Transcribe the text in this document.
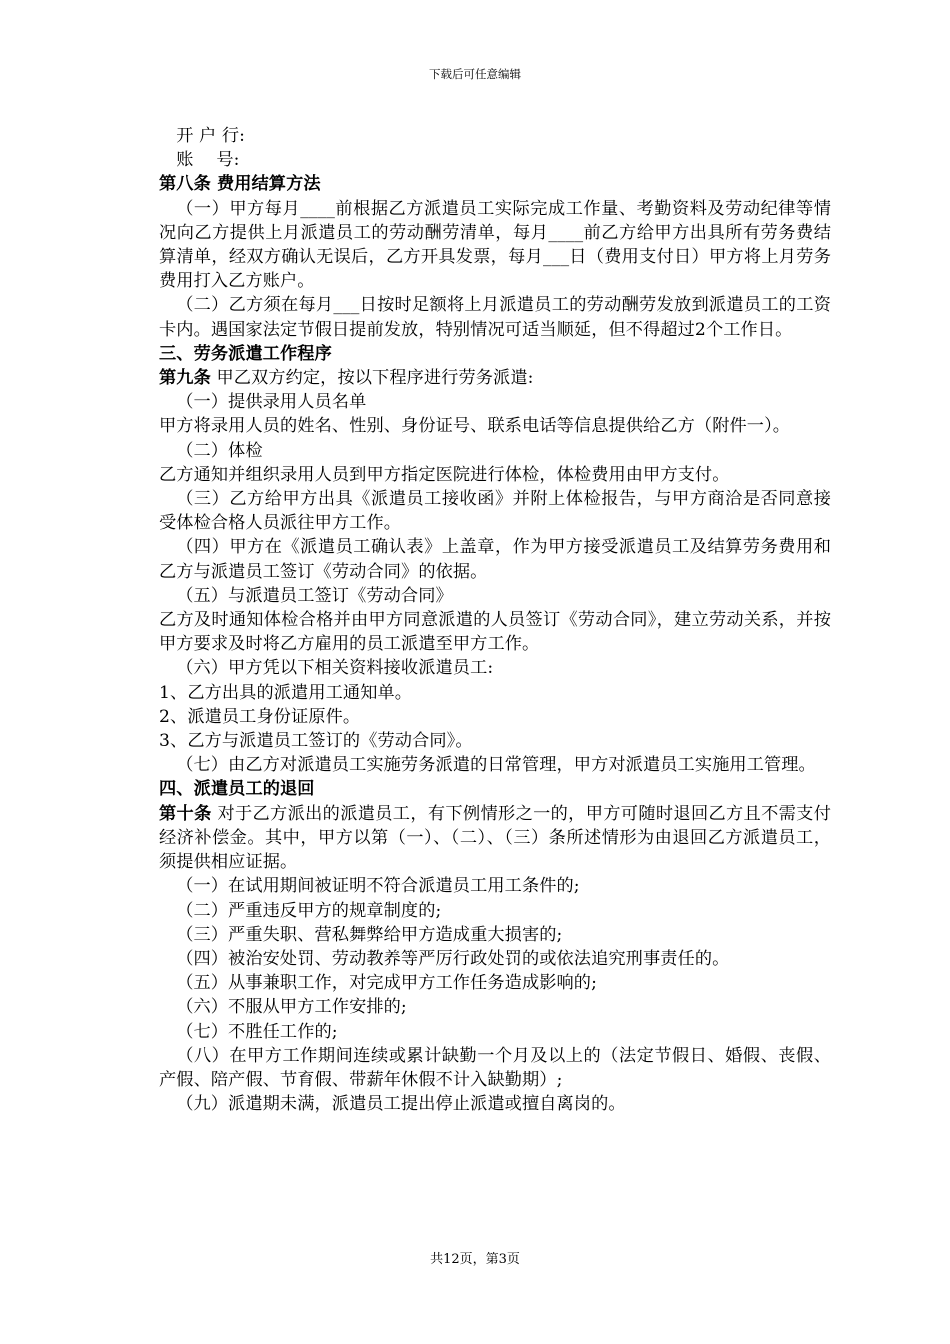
下载后可任意编辑

开 户 行:

账　 号:

第八条 费用结算方法

（一）甲方每月____前根据乙方派遣员工实际完成工作量、考勤资料及劳动纪律等情况向乙方提供上月派遣员工的劳动酬劳清单，每月____前乙方给甲方出具所有劳务费结算清单，经双方确认无误后，乙方开具发票，每月___日（费用支付日）甲方将上月劳务费用打入乙方账户。

（二）乙方须在每月___日按时足额将上月派遣员工的劳动酬劳发放到派遣员工的工资卡内。遇国家法定节假日提前发放，特别情况可适当顺延，但不得超过2个工作日。

三、劳务派遣工作程序

第九条 甲乙双方约定，按以下程序进行劳务派遣:

（一）提供录用人员名单

甲方将录用人员的姓名、性别、身份证号、联系电话等信息提供给乙方（附件一）。

（二）体检

乙方通知并组织录用人员到甲方指定医院进行体检，体检费用由甲方支付。

（三）乙方给甲方出具《派遣员工接收函》并附上体检报告，与甲方商洽是否同意接受体检合格人员派往甲方工作。

（四）甲方在《派遣员工确认表》上盖章，作为甲方接受派遣员工及结算劳务费用和乙方与派遣员工签订《劳动合同》的依据。

（五）与派遣员工签订《劳动合同》

乙方及时通知体检合格并由甲方同意派遣的人员签订《劳动合同》，建立劳动关系，并按甲方要求及时将乙方雇用的员工派遣至甲方工作。

（六）甲方凭以下相关资料接收派遣员工:

1、乙方出具的派遣用工通知单。

2、派遣员工身份证原件。

3、乙方与派遣员工签订的《劳动合同》。

（七）由乙方对派遣员工实施劳务派遣的日常管理，甲方对派遣员工实施用工管理。

四、派遣员工的退回

第十条 对于乙方派出的派遣员工，有下例情形之一的，甲方可随时退回乙方且不需支付经济补偿金。其中，甲方以第（一）、（二）、（三）条所述情形为由退回乙方派遣员工，须提供相应证据。

（一）在试用期间被证明不符合派遣员工用工条件的;

（二）严重违反甲方的规章制度的;

（三）严重失职、营私舞弊给甲方造成重大损害的;

（四）被治安处罚、劳动教养等严厉行政处罚的或依法追究刑事责任的。

（五）从事兼职工作，对完成甲方工作任务造成影响的;

（六）不服从甲方工作安排的;

（七）不胜任工作的;

（八）在甲方工作期间连续或累计缺勤一个月及以上的（法定节假日、婚假、丧假、产假、陪产假、节育假、带薪年休假不计入缺勤期）;

（九）派遣期未满，派遣员工提出停止派遣或擅自离岗的。

共12页，第3页
